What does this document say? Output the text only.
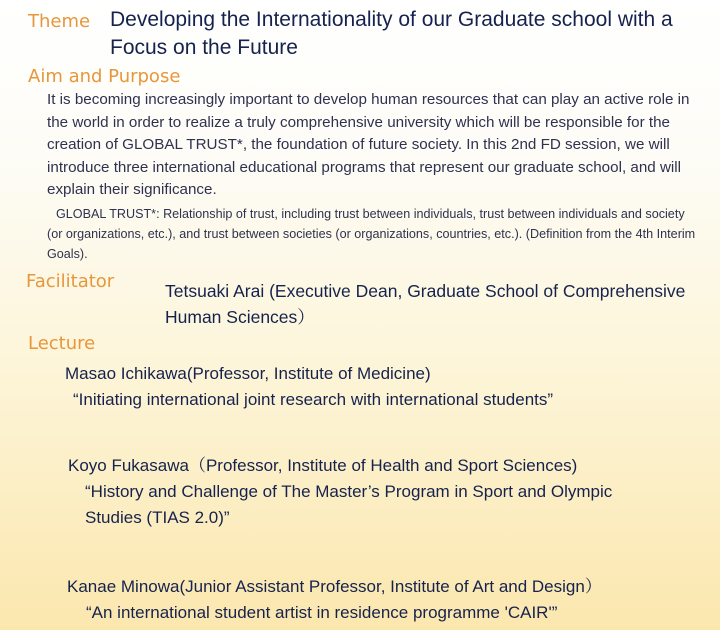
Theme Developing the Internationality of our Graduate school with a Focus on the Future
Aim and Purpose
It is becoming increasingly important to develop human resources that can play an active role in the world in order to realize a truly comprehensive university which will be responsible for the creation of GLOBAL TRUST*, the foundation of future society. In this 2nd FD session, we will introduce three international educational programs that represent our graduate school, and will explain their significance.
GLOBAL TRUST*: Relationship of trust, including trust between individuals, trust between individuals and society (or organizations, etc.), and trust between societies (or organizations, countries, etc.). (Definition from the 4th Interim Goals).
Facilitator	Tetsuaki Arai (Executive Dean, Graduate School of Comprehensive Human Sciences）
Lecture
Masao Ichikawa(Professor, Institute of Medicine)
“Initiating international joint research with international students”
Koyo Fukasawa（Professor, Institute of Health and Sport Sciences)
“History and Challenge of The Master’s Program in Sport and Olympic Studies (TIAS 2.0)”
Kanae Minowa(Junior Assistant Professor, Institute of Art and Design）
“An international student artist in residence programme 'CAIR'”
